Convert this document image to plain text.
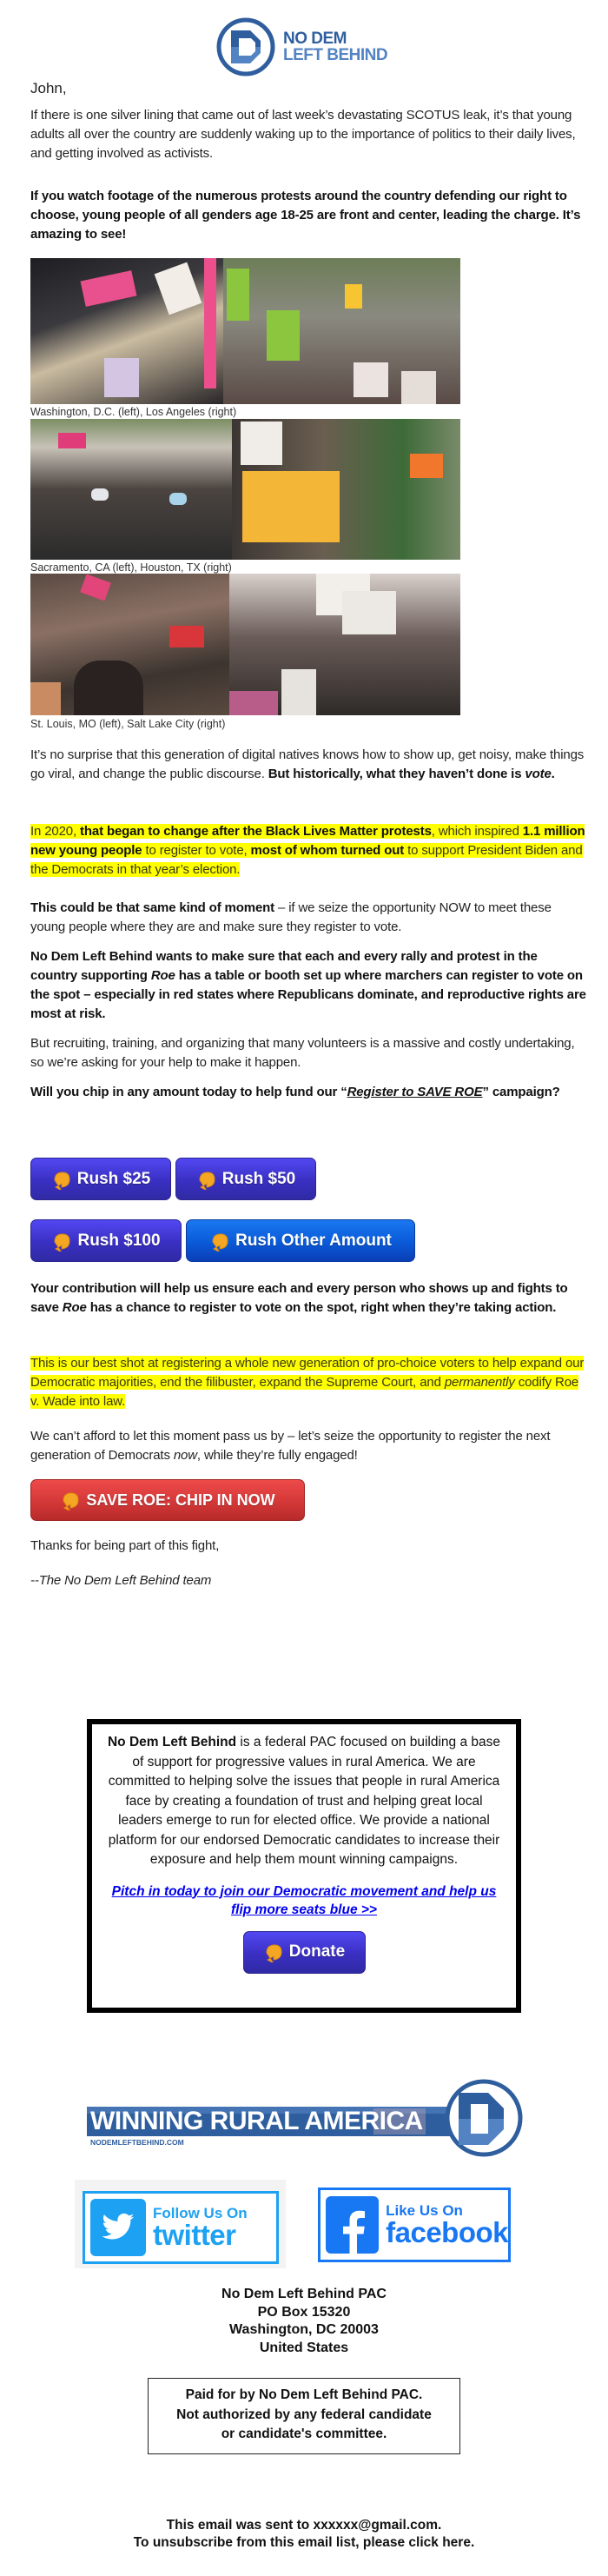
NO DEM
LEFT BEHIND
John,

If there is one silver lining that came out of last week’s devastating SCOTUS leak, it’s that young adults all over the country are suddenly waking up to the importance of politics to their daily lives, and getting involved as activists.

If you watch footage of the numerous protests around the country defending our right to choose, young people of all genders age 18-25 are front and center, leading the charge. It’s amazing to see!

Washington, D.C. (left), Los Angeles (right)
Sacramento, CA (left), Houston, TX (right)
St. Louis, MO (left), Salt Lake City (right)

It’s no surprise that this generation of digital natives knows how to show up, get noisy, make things go viral, and change the public discourse. But historically, what they haven’t done is vote.

In 2020, that began to change after the Black Lives Matter protests, which inspired 1.1 million new young people to register to vote, most of whom turned out to support President Biden and the Democrats in that year’s election.

This could be that same kind of moment – if we seize the opportunity NOW to meet these young people where they are and make sure they register to vote.

No Dem Left Behind wants to make sure that each and every rally and protest in the country supporting Roe has a table or booth set up where marchers can register to vote on the spot – especially in red states where Republicans dominate, and reproductive rights are most at risk.

But recruiting, training, and organizing that many volunteers is a massive and costly undertaking, so we’re asking for your help to make it happen.

Will you chip in any amount today to help fund our “Register to SAVE ROE” campaign?

Rush $25	Rush $50
Rush $100	Rush Other Amount

Your contribution will help us ensure each and every person who shows up and fights to save Roe has a chance to register to vote on the spot, right when they’re taking action.

This is our best shot at registering a whole new generation of pro-choice voters to help expand our Democratic majorities, end the filibuster, expand the Supreme Court, and permanently codify Roe v. Wade into law.

We can’t afford to let this moment pass us by – let’s seize the opportunity to register the next generation of Democrats now, while they’re fully engaged!

SAVE ROE: CHIP IN NOW

Thanks for being part of this fight,

--The No Dem Left Behind team

No Dem Left Behind is a federal PAC focused on building a base of support for progressive values in rural America. We are committed to helping solve the issues that people in rural America face by creating a foundation of trust and helping great local leaders emerge to run for elected office. We provide a national platform for our endorsed Democratic candidates to increase their exposure and help them mount winning campaigns.

Pitch in today to join our Democratic movement and help us flip more seats blue >>
Donate
WINNING RURAL AMERICA
NODEMLEFTBEHIND.COM
Follow Us On
twitter
Like Us On
facebook
No Dem Left Behind PAC
PO Box 15320
Washington, DC 20003
United States
Paid for by No Dem Left Behind PAC.
Not authorized by any federal candidate
or candidate's committee.
This email was sent to xxxxxx@gmail.com.
To unsubscribe from this email list, please click here.
